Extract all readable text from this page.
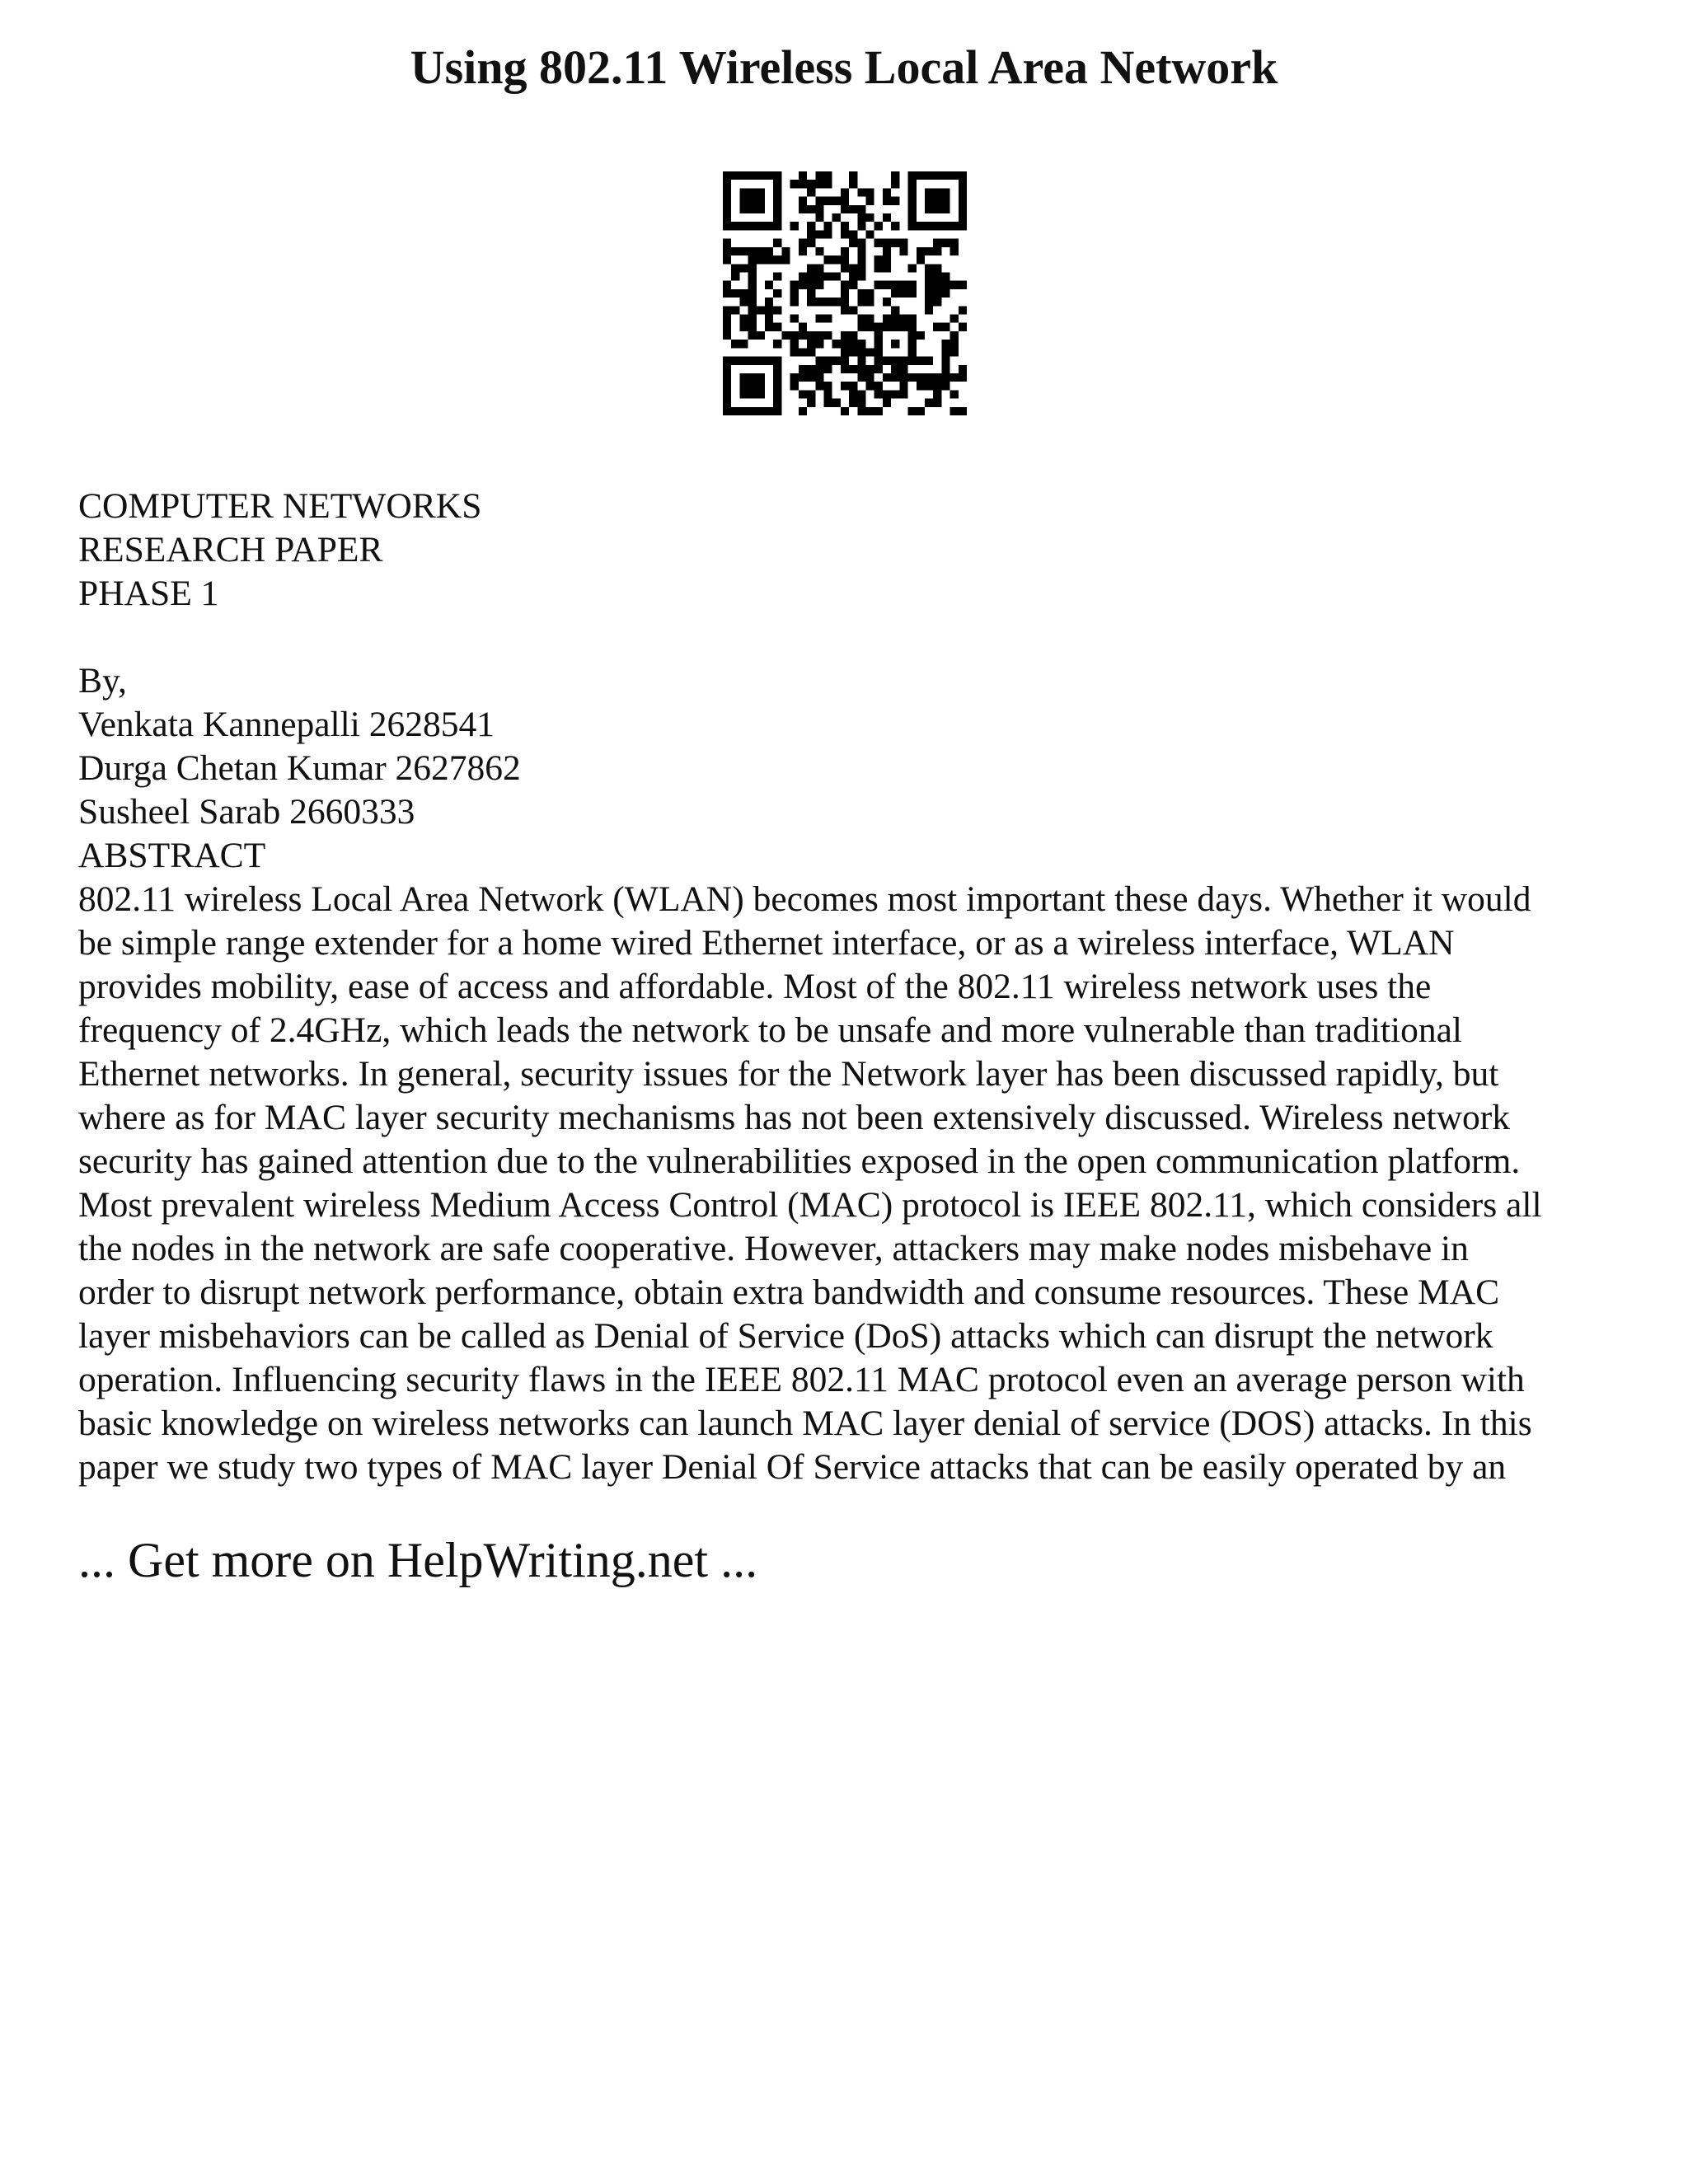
Using 802.11 Wireless Local Area Network
COMPUTER NETWORKS
RESEARCH PAPER
PHASE 1
By,
Venkata Kannepalli 2628541
Durga Chetan Kumar 2627862
Susheel Sarab 2660333
ABSTRACT
802.11 wireless Local Area Network (WLAN) becomes most important these days. Whether it would
be simple range extender for a home wired Ethernet interface, or as a wireless interface, WLAN
provides mobility, ease of access and affordable. Most of the 802.11 wireless network uses the
frequency of 2.4GHz, which leads the network to be unsafe and more vulnerable than traditional
Ethernet networks. In general, security issues for the Network layer has been discussed rapidly, but
where as for MAC layer security mechanisms has not been extensively discussed. Wireless network
security has gained attention due to the vulnerabilities exposed in the open communication platform.
Most prevalent wireless Medium Access Control (MAC) protocol is IEEE 802.11, which considers all
the nodes in the network are safe cooperative. However, attackers may make nodes misbehave in
order to disrupt network performance, obtain extra bandwidth and consume resources. These MAC
layer misbehaviors can be called as Denial of Service (DoS) attacks which can disrupt the network
operation. Influencing security flaws in the IEEE 802.11 MAC protocol even an average person with
basic knowledge on wireless networks can launch MAC layer denial of service (DOS) attacks. In this
paper we study two types of MAC layer Denial Of Service attacks that can be easily operated by an
... Get more on HelpWriting.net ...
